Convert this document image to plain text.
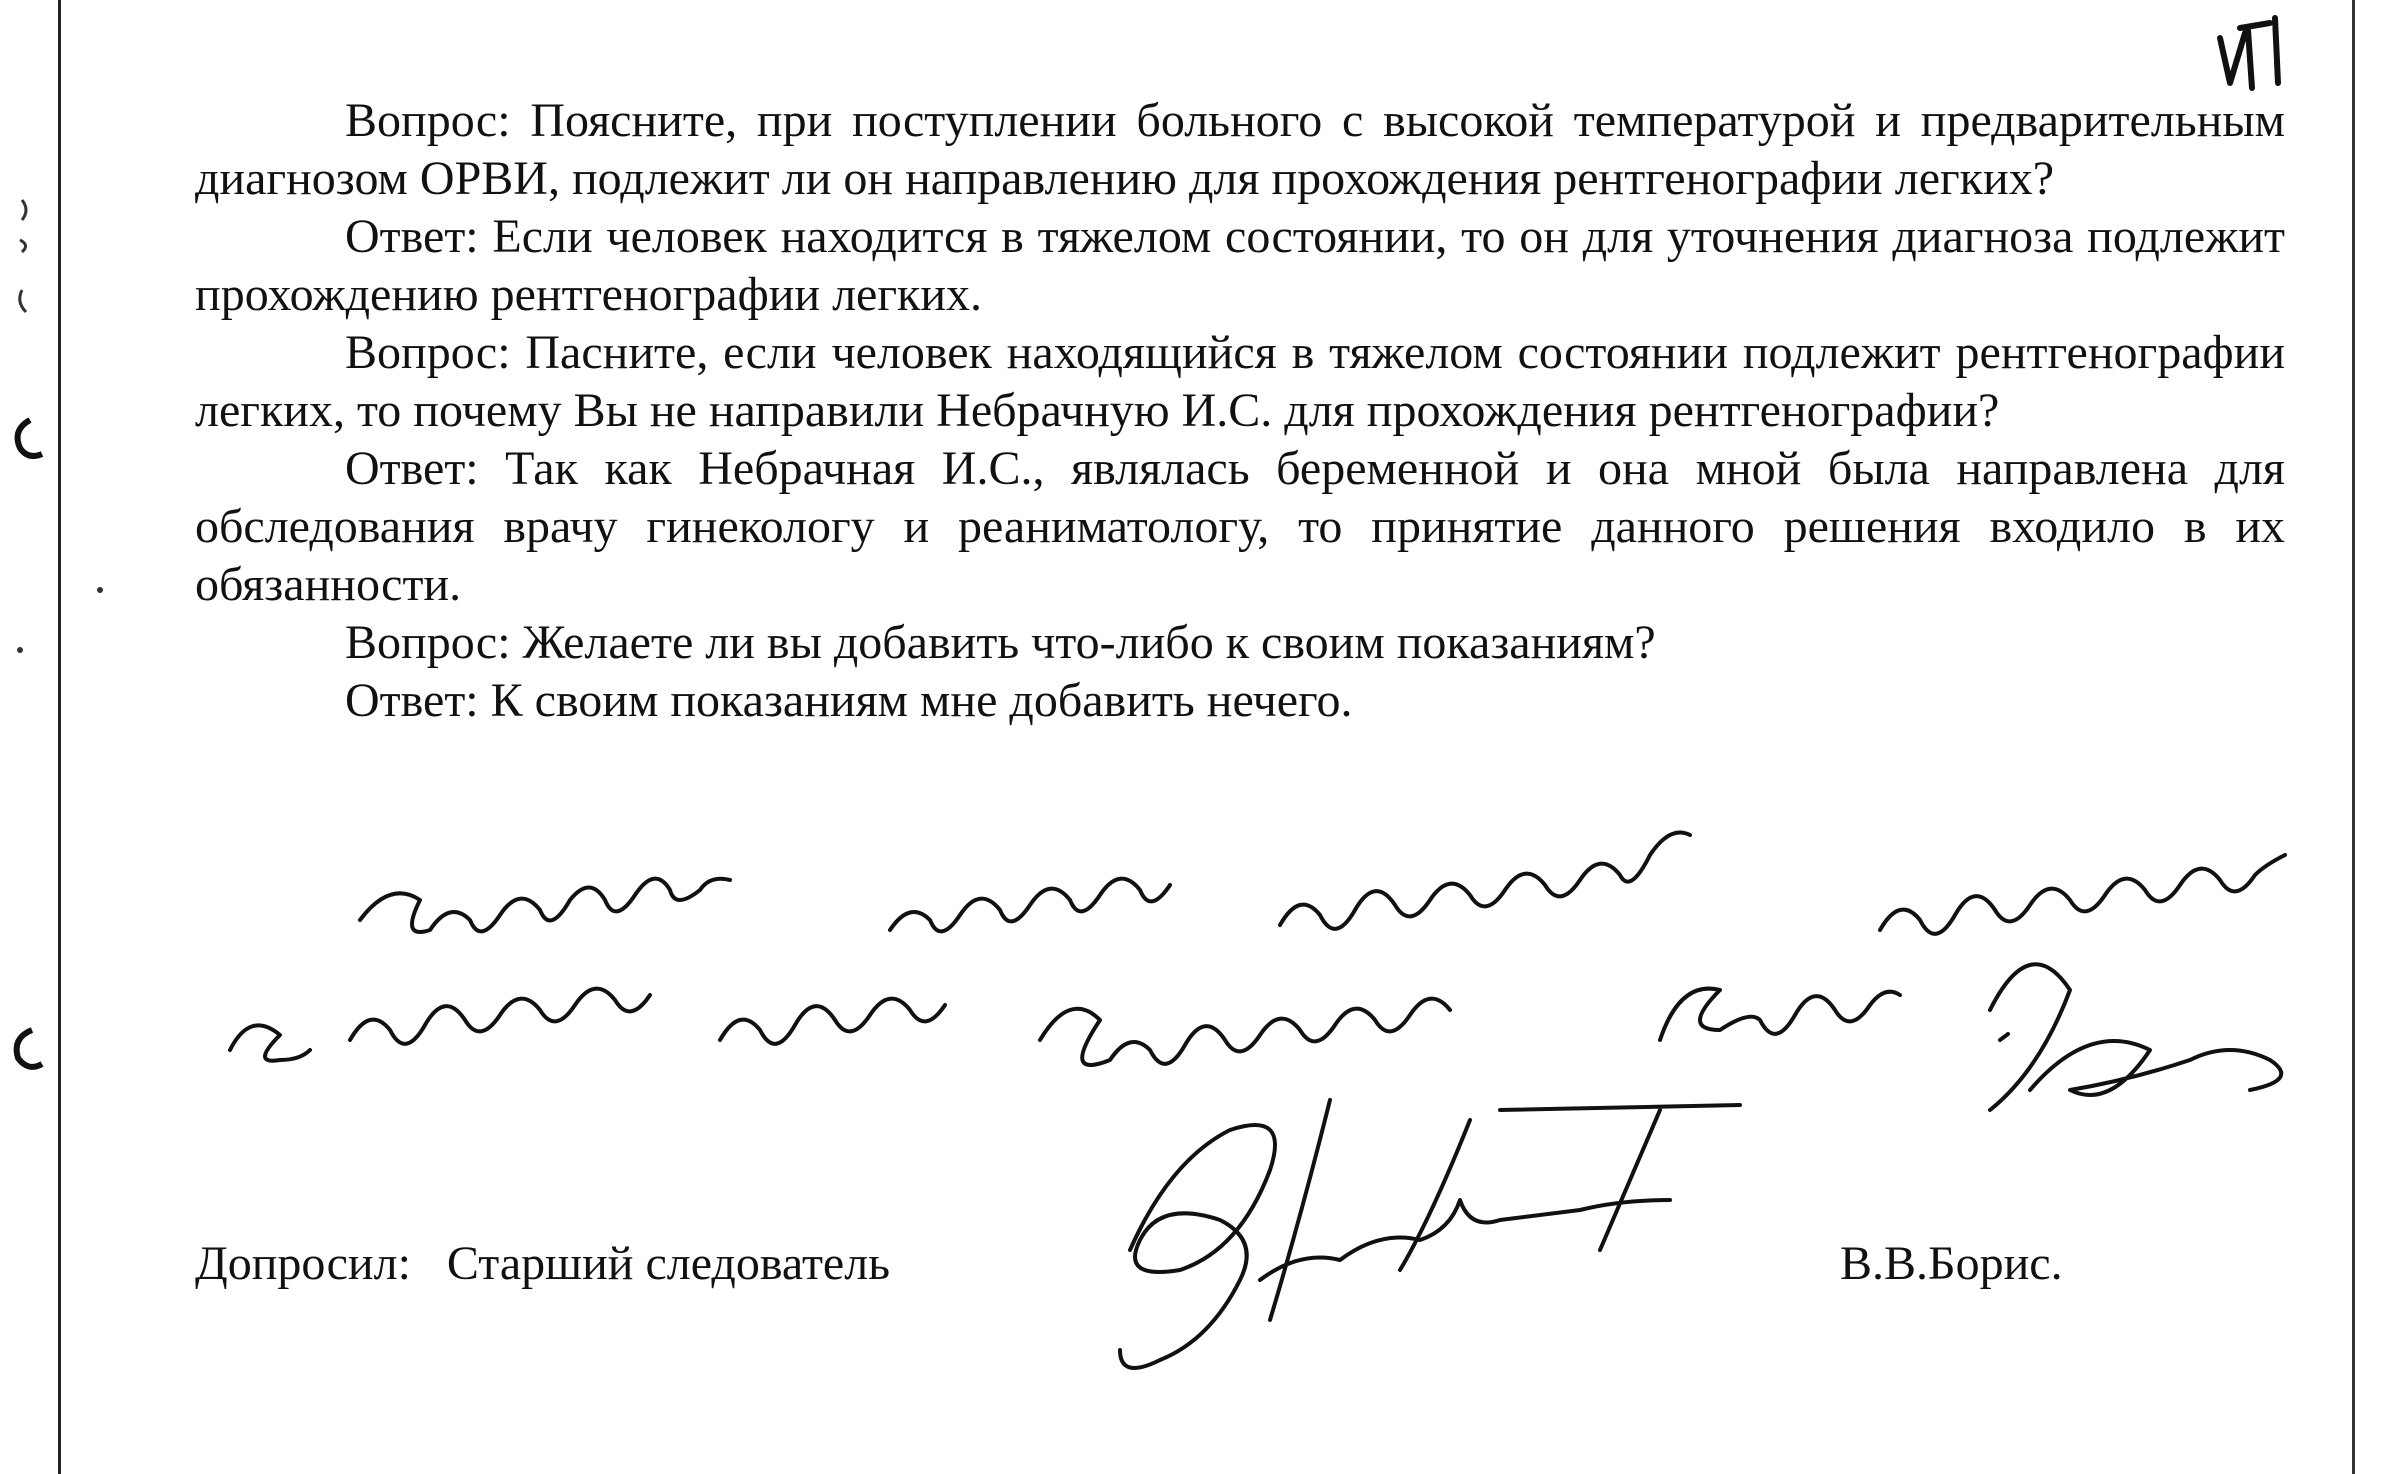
Вопрос: Поясните, при поступлении больного с высокой температурой и предварительным диагнозом ОРВИ, подлежит ли он направлению для прохождения рентгенографии легких?

Ответ: Если человек находится в тяжелом состоянии, то он для уточнения диагноза подлежит прохождению рентгенографии легких.

Вопрос: Пасните, если человек находящийся в тяжелом состоянии подлежит рентгенографии легких, то почему Вы не направили Небрачную И.С. для прохождения рентгенографии?

Ответ: Так как Небрачная И.С., являлась беременной и она мной была направлена для обследования врачу гинекологу и реаниматологу, то принятие данного решения входило в их обязанности.

Вопрос: Желаете ли вы добавить что-либо к своим показаниям?

Ответ: К своим показаниям мне добавить нечего.

Допросил:   Старший следователь	В.В.Борис.
